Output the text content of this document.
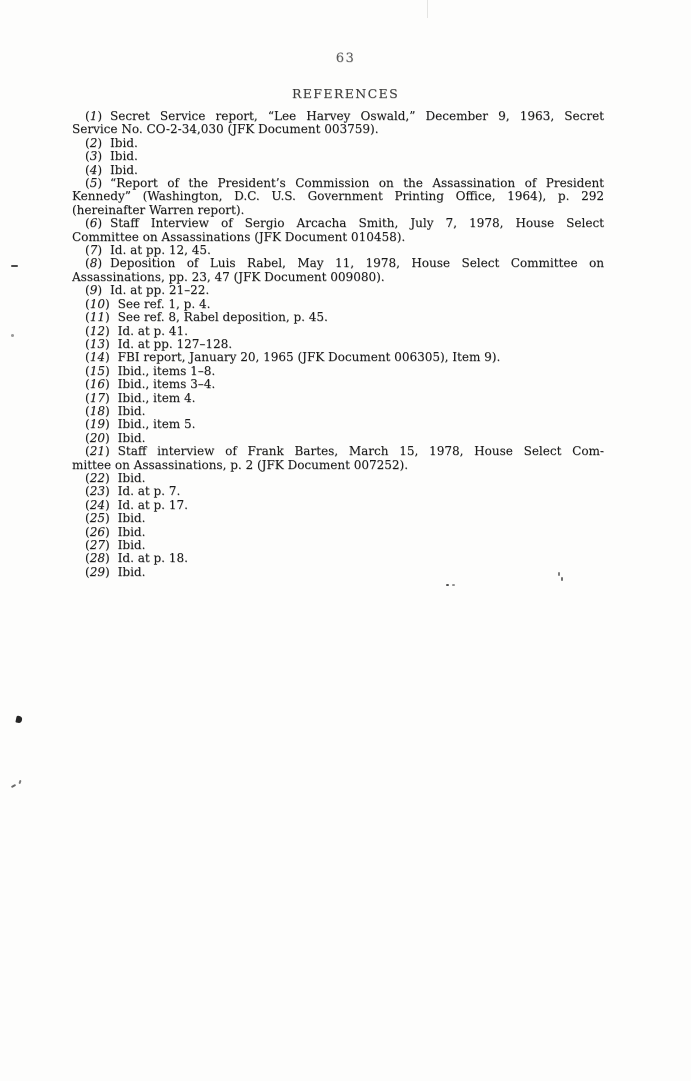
63
REFERENCES
(1) Secret Service report, “Lee Harvey Oswald,” December 9, 1963, Secret
Service No. CO-2-34,030 (JFK Document 003759).
(2) Ibid.
(3) Ibid.
(4) Ibid.
(5) “Report of the President’s Commission on the Assassination of President
Kennedy” (Washington, D.C. U.S. Government Printing Office, 1964), p. 292
(hereinafter Warren report).
(6) Staff Interview of Sergio Arcacha Smith, July 7, 1978, House Select
Committee on Assassinations (JFK Document 010458).
(7) Id. at pp. 12, 45.
(8) Deposition of Luis Rabel, May 11, 1978, House Select Committee on
Assassinations, pp. 23, 47 (JFK Document 009080).
(9) Id. at pp. 21–22.
(10) See ref. 1, p. 4.
(11) See ref. 8, Rabel deposition, p. 45.
(12) Id. at p. 41.
(13) Id. at pp. 127–128.
(14) FBI report, January 20, 1965 (JFK Document 006305), Item 9).
(15) Ibid., items 1–8.
(16) Ibid., items 3–4.
(17) Ibid., item 4.
(18) Ibid.
(19) Ibid., item 5.
(20) Ibid.
(21) Staff interview of Frank Bartes, March 15, 1978, House Select Com-
mittee on Assassinations, p. 2 (JFK Document 007252).
(22) Ibid.
(23) Id. at p. 7.
(24) Id. at p. 17.
(25) Ibid.
(26) Ibid.
(27) Ibid.
(28) Id. at p. 18.
(29) Ibid.
